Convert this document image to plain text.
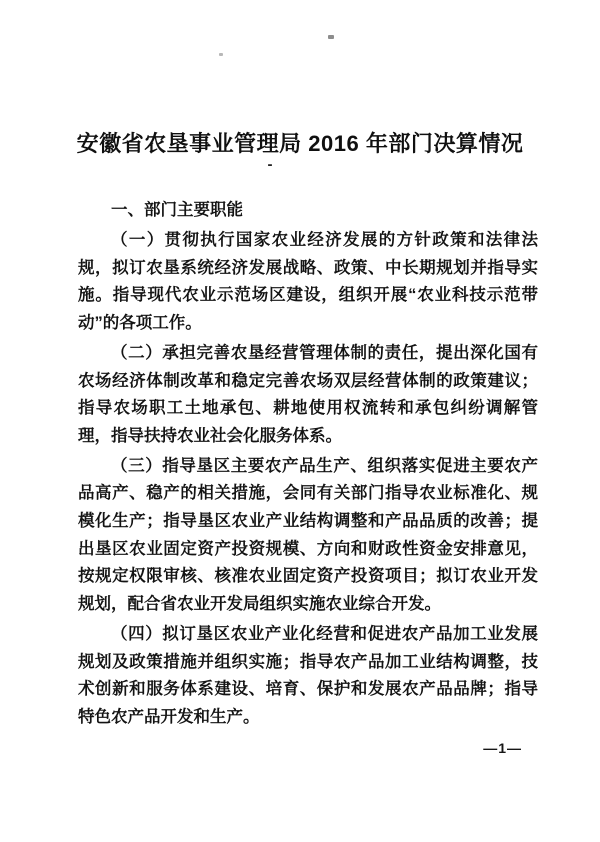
安徽省农垦事业管理局 2016 年部门决算情况
-

一、部门主要职能

（一）贯彻执行国家农业经济发展的方针政策和法律法规，拟订农垦系统经济发展战略、政策、中长期规划并指导实施。指导现代农业示范场区建设，组织开展“农业科技示范带动”的各项工作。

（二）承担完善农垦经营管理体制的责任，提出深化国有农场经济体制改革和稳定完善农场双层经营体制的政策建议；指导农场职工土地承包、耕地使用权流转和承包纠纷调解管理，指导扶持农业社会化服务体系。

（三）指导垦区主要农产品生产、组织落实促进主要农产品高产、稳产的相关措施，会同有关部门指导农业标准化、规模化生产；指导垦区农业产业结构调整和产品品质的改善；提出垦区农业固定资产投资规模、方向和财政性资金安排意见，按规定权限审核、核准农业固定资产投资项目；拟订农业开发规划，配合省农业开发局组织实施农业综合开发。

（四）拟订垦区农业产业化经营和促进农产品加工业发展规划及政策措施并组织实施；指导农产品加工业结构调整，技术创新和服务体系建设、培育、保护和发展农产品品牌；指导特色农产品开发和生产。

—1—
